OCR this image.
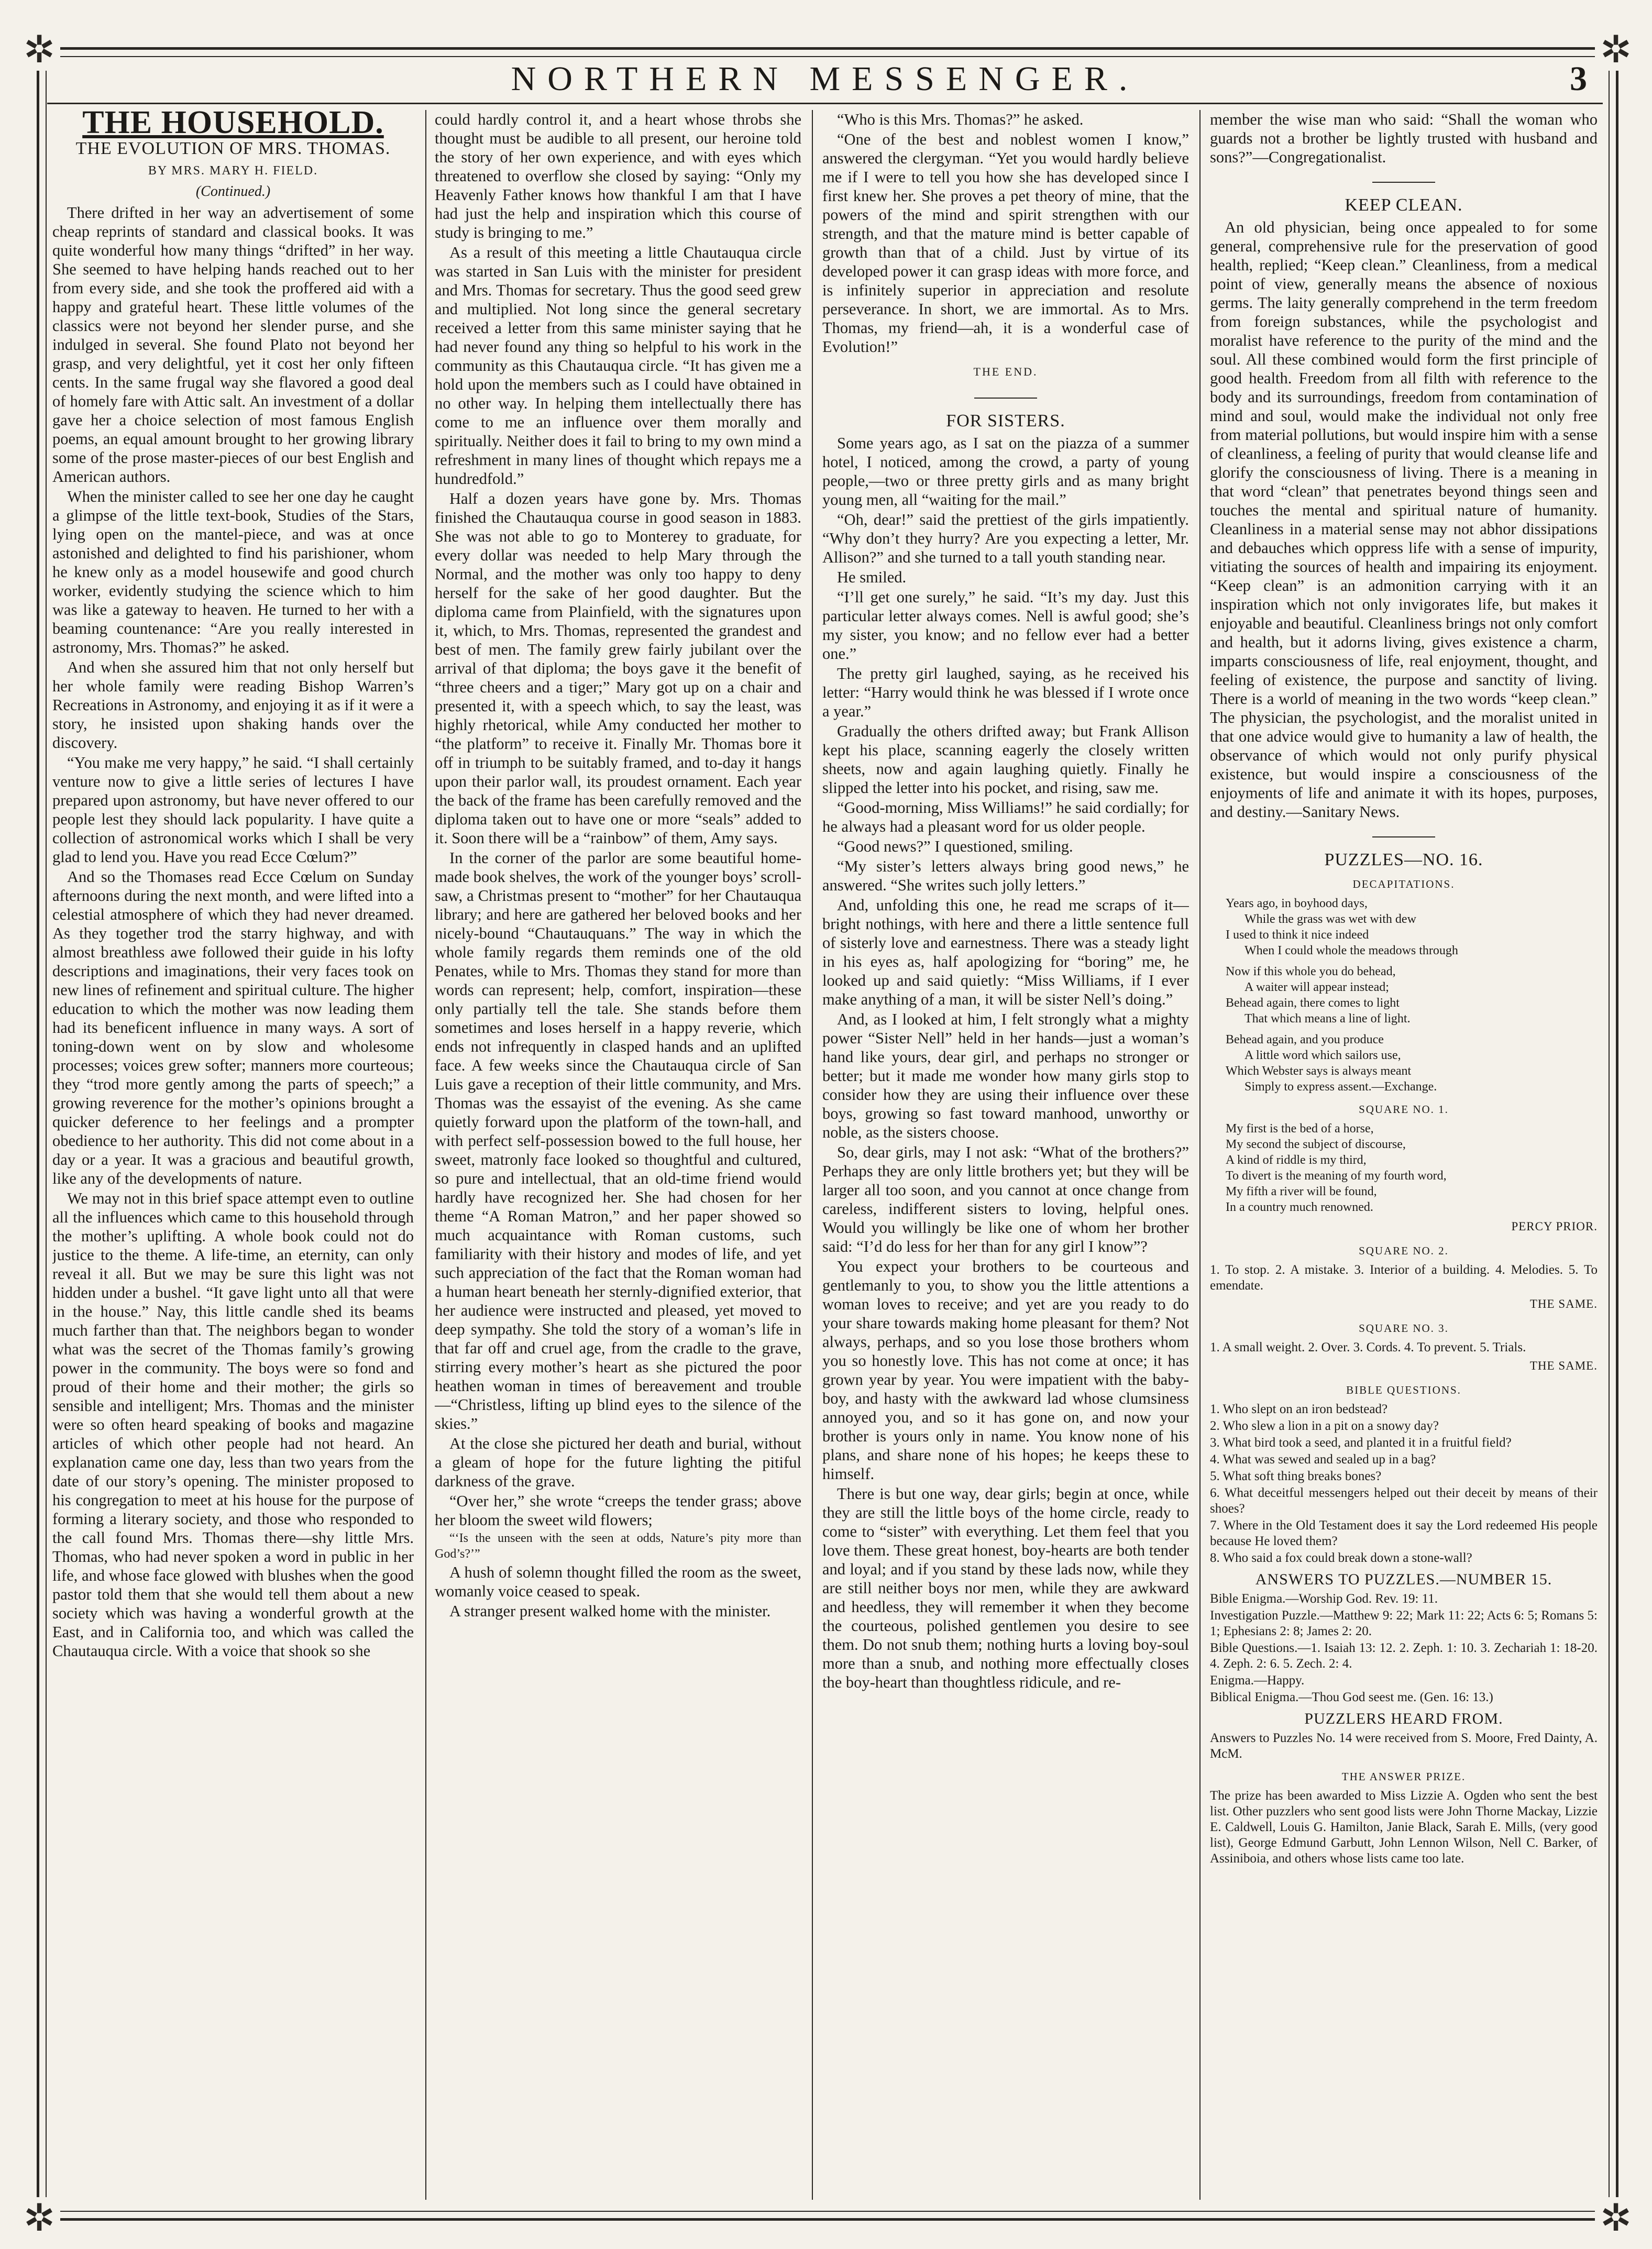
✲	✲
✲	✲
NORTHERN MESSENGER.	3
THE HOUSEHOLD.
THE EVOLUTION OF MRS. THOMAS.
BY MRS. MARY H. FIELD.
(Continued.)

There drifted in her way an advertisement of some cheap reprints of standard and classical books. It was quite wonderful how many things “drifted” in her way. She seemed to have helping hands reached out to her from every side, and she took the proffered aid with a happy and grateful heart. These little volumes of the classics were not beyond her slender purse, and she indulged in several. She found Plato not beyond her grasp, and very delightful, yet it cost her only fifteen cents. In the same frugal way she flavored a good deal of homely fare with Attic salt. An investment of a dollar gave her a choice selection of most famous English poems, an equal amount brought to her growing library some of the prose master-pieces of our best English and American authors.

When the minister called to see her one day he caught a glimpse of the little text-book, Studies of the Stars, lying open on the mantel-piece, and was at once astonished and delighted to find his parishioner, whom he knew only as a model housewife and good church worker, evidently studying the science which to him was like a gateway to heaven. He turned to her with a beaming countenance: “Are you really interested in astronomy, Mrs. Thomas?” he asked.

And when she assured him that not only herself but her whole family were reading Bishop Warren’s Recreations in Astronomy, and enjoying it as if it were a story, he insisted upon shaking hands over the discovery.

“You make me very happy,” he said. “I shall certainly venture now to give a little series of lectures I have prepared upon astronomy, but have never offered to our people lest they should lack popularity. I have quite a collection of astronomical works which I shall be very glad to lend you. Have you read Ecce Cœlum?”

And so the Thomases read Ecce Cœlum on Sunday afternoons during the next month, and were lifted into a celestial atmosphere of which they had never dreamed. As they together trod the starry highway, and with almost breathless awe followed their guide in his lofty descriptions and imaginations, their very faces took on new lines of refinement and spiritual culture. The higher education to which the mother was now leading them had its beneficent influence in many ways. A sort of toning-down went on by slow and wholesome processes; voices grew softer; manners more courteous; they “trod more gently among the parts of speech;” a growing reverence for the mother’s opinions brought a quicker deference to her feelings and a prompter obedience to her authority. This did not come about in a day or a year. It was a gracious and beautiful growth, like any of the developments of nature.

We may not in this brief space attempt even to outline all the influences which came to this household through the mother’s uplifting. A whole book could not do justice to the theme. A life-time, an eternity, can only reveal it all. But we may be sure this light was not hidden under a bushel. “It gave light unto all that were in the house.” Nay, this little candle shed its beams much farther than that. The neighbors began to wonder what was the secret of the Thomas family’s growing power in the community. The boys were so fond and proud of their home and their mother; the girls so sensible and intelligent; Mrs. Thomas and the minister were so often heard speaking of books and magazine articles of which other people had not heard. An explanation came one day, less than two years from the date of our story’s opening. The minister proposed to his congregation to meet at his house for the purpose of forming a literary society, and those who responded to the call found Mrs. Thomas there—shy little Mrs. Thomas, who had never spoken a word in public in her life, and whose face glowed with blushes when the good pastor told them that she would tell them about a new society which was having a wonderful growth at the East, and in California too, and which was called the Chautauqua circle. With a voice that shook so she

could hardly control it, and a heart whose throbs she thought must be audible to all present, our heroine told the story of her own experience, and with eyes which threatened to overflow she closed by saying: “Only my Heavenly Father knows how thankful I am that I have had just the help and inspiration which this course of study is bringing to me.”

As a result of this meeting a little Chautauqua circle was started in San Luis with the minister for president and Mrs. Thomas for secretary. Thus the good seed grew and multiplied. Not long since the general secretary received a letter from this same minister saying that he had never found any thing so helpful to his work in the community as this Chautauqua circle. “It has given me a hold upon the members such as I could have obtained in no other way. In helping them intellectually there has come to me an influence over them morally and spiritually. Neither does it fail to bring to my own mind a refreshment in many lines of thought which repays me a hundredfold.”

Half a dozen years have gone by. Mrs. Thomas finished the Chautauqua course in good season in 1883. She was not able to go to Monterey to graduate, for every dollar was needed to help Mary through the Normal, and the mother was only too happy to deny herself for the sake of her good daughter. But the diploma came from Plainfield, with the signatures upon it, which, to Mrs. Thomas, represented the grandest and best of men. The family grew fairly jubilant over the arrival of that diploma; the boys gave it the benefit of “three cheers and a tiger;” Mary got up on a chair and presented it, with a speech which, to say the least, was highly rhetorical, while Amy conducted her mother to “the platform” to receive it. Finally Mr. Thomas bore it off in triumph to be suitably framed, and to-day it hangs upon their parlor wall, its proudest ornament. Each year the back of the frame has been carefully removed and the diploma taken out to have one or more “seals” added to it. Soon there will be a “rainbow” of them, Amy says.

In the corner of the parlor are some beautiful home-made book shelves, the work of the younger boys’ scroll-saw, a Christmas present to “mother” for her Chautauqua library; and here are gathered her beloved books and her nicely-bound “Chautauquans.” The way in which the whole family regards them reminds one of the old Penates, while to Mrs. Thomas they stand for more than words can represent; help, comfort, inspiration—these only partially tell the tale. She stands before them sometimes and loses herself in a happy reverie, which ends not infrequently in clasped hands and an uplifted face. A few weeks since the Chautauqua circle of San Luis gave a reception of their little community, and Mrs. Thomas was the essayist of the evening. As she came quietly forward upon the platform of the town-hall, and with perfect self-possession bowed to the full house, her sweet, matronly face looked so thoughtful and cultured, so pure and intellectual, that an old-time friend would hardly have recognized her. She had chosen for her theme “A Roman Matron,” and her paper showed so much acquaintance with Roman customs, such familiarity with their history and modes of life, and yet such appreciation of the fact that the Roman woman had a human heart beneath her sternly-dignified exterior, that her audience were instructed and pleased, yet moved to deep sympathy. She told the story of a woman’s life in that far off and cruel age, from the cradle to the grave, stirring every mother’s heart as she pictured the poor heathen woman in times of bereavement and trouble—“Christless, lifting up blind eyes to the silence of the skies.”

At the close she pictured her death and burial, without a gleam of hope for the future lighting the pitiful darkness of the grave.

“Over her,” she wrote “creeps the tender grass; above her bloom the sweet wild flowers;

“‘Is the unseen with the seen at odds, Nature’s pity more than God’s?’”

A hush of solemn thought filled the room as the sweet, womanly voice ceased to speak.

A stranger present walked home with the minister.

“Who is this Mrs. Thomas?” he asked.

“One of the best and noblest women I know,” answered the clergyman. “Yet you would hardly believe me if I were to tell you how she has developed since I first knew her. She proves a pet theory of mine, that the powers of the mind and spirit strengthen with our strength, and that the mature mind is better capable of growth than that of a child. Just by virtue of its developed power it can grasp ideas with more force, and is infinitely superior in appreciation and resolute perseverance. In short, we are immortal. As to Mrs. Thomas, my friend—ah, it is a wonderful case of Evolution!”

THE END.
FOR SISTERS.

Some years ago, as I sat on the piazza of a summer hotel, I noticed, among the crowd, a party of young people,—two or three pretty girls and as many bright young men, all “waiting for the mail.”

“Oh, dear!” said the prettiest of the girls impatiently. “Why don’t they hurry? Are you expecting a letter, Mr. Allison?” and she turned to a tall youth standing near.

He smiled.

“I’ll get one surely,” he said. “It’s my day. Just this particular letter always comes. Nell is awful good; she’s my sister, you know; and no fellow ever had a better one.”

The pretty girl laughed, saying, as he received his letter: “Harry would think he was blessed if I wrote once a year.”

Gradually the others drifted away; but Frank Allison kept his place, scanning eagerly the closely written sheets, now and again laughing quietly. Finally he slipped the letter into his pocket, and rising, saw me.

“Good-morning, Miss Williams!” he said cordially; for he always had a pleasant word for us older people.

“Good news?” I questioned, smiling.

“My sister’s letters always bring good news,” he answered. “She writes such jolly letters.”

And, unfolding this one, he read me scraps of it—bright nothings, with here and there a little sentence full of sisterly love and earnestness. There was a steady light in his eyes as, half apologizing for “boring” me, he looked up and said quietly: “Miss Williams, if I ever make anything of a man, it will be sister Nell’s doing.”

And, as I looked at him, I felt strongly what a mighty power “Sister Nell” held in her hands—just a woman’s hand like yours, dear girl, and perhaps no stronger or better; but it made me wonder how many girls stop to consider how they are using their influence over these boys, growing so fast toward manhood, unworthy or noble, as the sisters choose.

So, dear girls, may I not ask: “What of the brothers?” Perhaps they are only little brothers yet; but they will be larger all too soon, and you cannot at once change from careless, indifferent sisters to loving, helpful ones. Would you willingly be like one of whom her brother said: “I’d do less for her than for any girl I know”?

You expect your brothers to be courteous and gentlemanly to you, to show you the little attentions a woman loves to receive; and yet are you ready to do your share towards making home pleasant for them? Not always, perhaps, and so you lose those brothers whom you so honestly love. This has not come at once; it has grown year by year. You were impatient with the baby-boy, and hasty with the awkward lad whose clumsiness annoyed you, and so it has gone on, and now your brother is yours only in name. You know none of his plans, and share none of his hopes; he keeps these to himself.

There is but one way, dear girls; begin at once, while they are still the little boys of the home circle, ready to come to “sister” with everything. Let them feel that you love them. These great honest, boy-hearts are both tender and loyal; and if you stand by these lads now, while they are still neither boys nor men, while they are awkward and heedless, they will remember it when they become the courteous, polished gentlemen you desire to see them. Do not snub them; nothing hurts a loving boy-soul more than a snub, and nothing more effectually closes the boy-heart than thoughtless ridicule, and re-

member the wise man who said: “Shall the woman who guards not a brother be lightly trusted with husband and sons?”—Congregationalist.

KEEP CLEAN.

An old physician, being once appealed to for some general, comprehensive rule for the preservation of good health, replied; “Keep clean.” Cleanliness, from a medical point of view, generally means the absence of noxious germs. The laity generally comprehend in the term freedom from foreign substances, while the psychologist and moralist have reference to the purity of the mind and the soul. All these combined would form the first principle of good health. Freedom from all filth with reference to the body and its surroundings, freedom from contamination of mind and soul, would make the individual not only free from material pollutions, but would inspire him with a sense of cleanliness, a feeling of purity that would cleanse life and glorify the consciousness of living. There is a meaning in that word “clean” that penetrates beyond things seen and touches the mental and spiritual nature of humanity. Cleanliness in a material sense may not abhor dissipations and debauches which oppress life with a sense of impurity, vitiating the sources of health and impairing its enjoyment. “Keep clean” is an admonition carrying with it an inspiration which not only invigorates life, but makes it enjoyable and beautiful. Cleanliness brings not only comfort and health, but it adorns living, gives existence a charm, imparts consciousness of life, real enjoyment, thought, and feeling of existence, the purpose and sanctity of living. There is a world of meaning in the two words “keep clean.” The physician, the psychologist, and the moralist united in that one advice would give to humanity a law of health, the observance of which would not only purify physical existence, but would inspire a consciousness of the enjoyments of life and animate it with its hopes, purposes, and destiny.—Sanitary News.

PUZZLES—NO. 16.
DECAPITATIONS.
Years ago, in boyhood days,
While the grass was wet with dew
I used to think it nice indeed
When I could whole the meadows through
Now if this whole you do behead,
A waiter will appear instead;
Behead again, there comes to light
That which means a line of light.
Behead again, and you produce
A little word which sailors use,
Which Webster says is always meant
Simply to express assent.—Exchange.
SQUARE NO. 1.
My first is the bed of a horse,
My second the subject of discourse,
A kind of riddle is my third,
To divert is the meaning of my fourth word,
My fifth a river will be found,
In a country much renowned.
PERCY PRIOR.
SQUARE NO. 2.

1. To stop. 2. A mistake. 3. Interior of a building. 4. Melodies. 5. To emendate.

THE SAME.
SQUARE NO. 3.

1. A small weight. 2. Over. 3. Cords. 4. To prevent. 5. Trials.

THE SAME.
BIBLE QUESTIONS.

1. Who slept on an iron bedstead?

2. Who slew a lion in a pit on a snowy day?

3. What bird took a seed, and planted it in a fruitful field?

4. What was sewed and sealed up in a bag?

5. What soft thing breaks bones?

6. What deceitful messengers helped out their deceit by means of their shoes?

7. Where in the Old Testament does it say the Lord redeemed His people because He loved them?

8. Who said a fox could break down a stone-wall?

ANSWERS TO PUZZLES.—NUMBER 15.

Bible Enigma.—Worship God. Rev. 19: 11.

Investigation Puzzle.—Matthew 9: 22; Mark 11: 22; Acts 6: 5; Romans 5: 1; Ephesians 2: 8; James 2: 20.

Bible Questions.—1. Isaiah 13: 12. 2. Zeph. 1: 10. 3. Zechariah 1: 18-20. 4. Zeph. 2: 6. 5. Zech. 2: 4.

Enigma.—Happy.

Biblical Enigma.—Thou God seest me. (Gen. 16: 13.)

PUZZLERS HEARD FROM.

Answers to Puzzles No. 14 were received from S. Moore, Fred Dainty, A. McM.

THE ANSWER PRIZE.

The prize has been awarded to Miss Lizzie A. Ogden who sent the best list. Other puzzlers who sent good lists were John Thorne Mackay, Lizzie E. Caldwell, Louis G. Hamilton, Janie Black, Sarah E. Mills, (very good list), George Edmund Garbutt, John Lennon Wilson, Nell C. Barker, of Assiniboia, and others whose lists came too late.
